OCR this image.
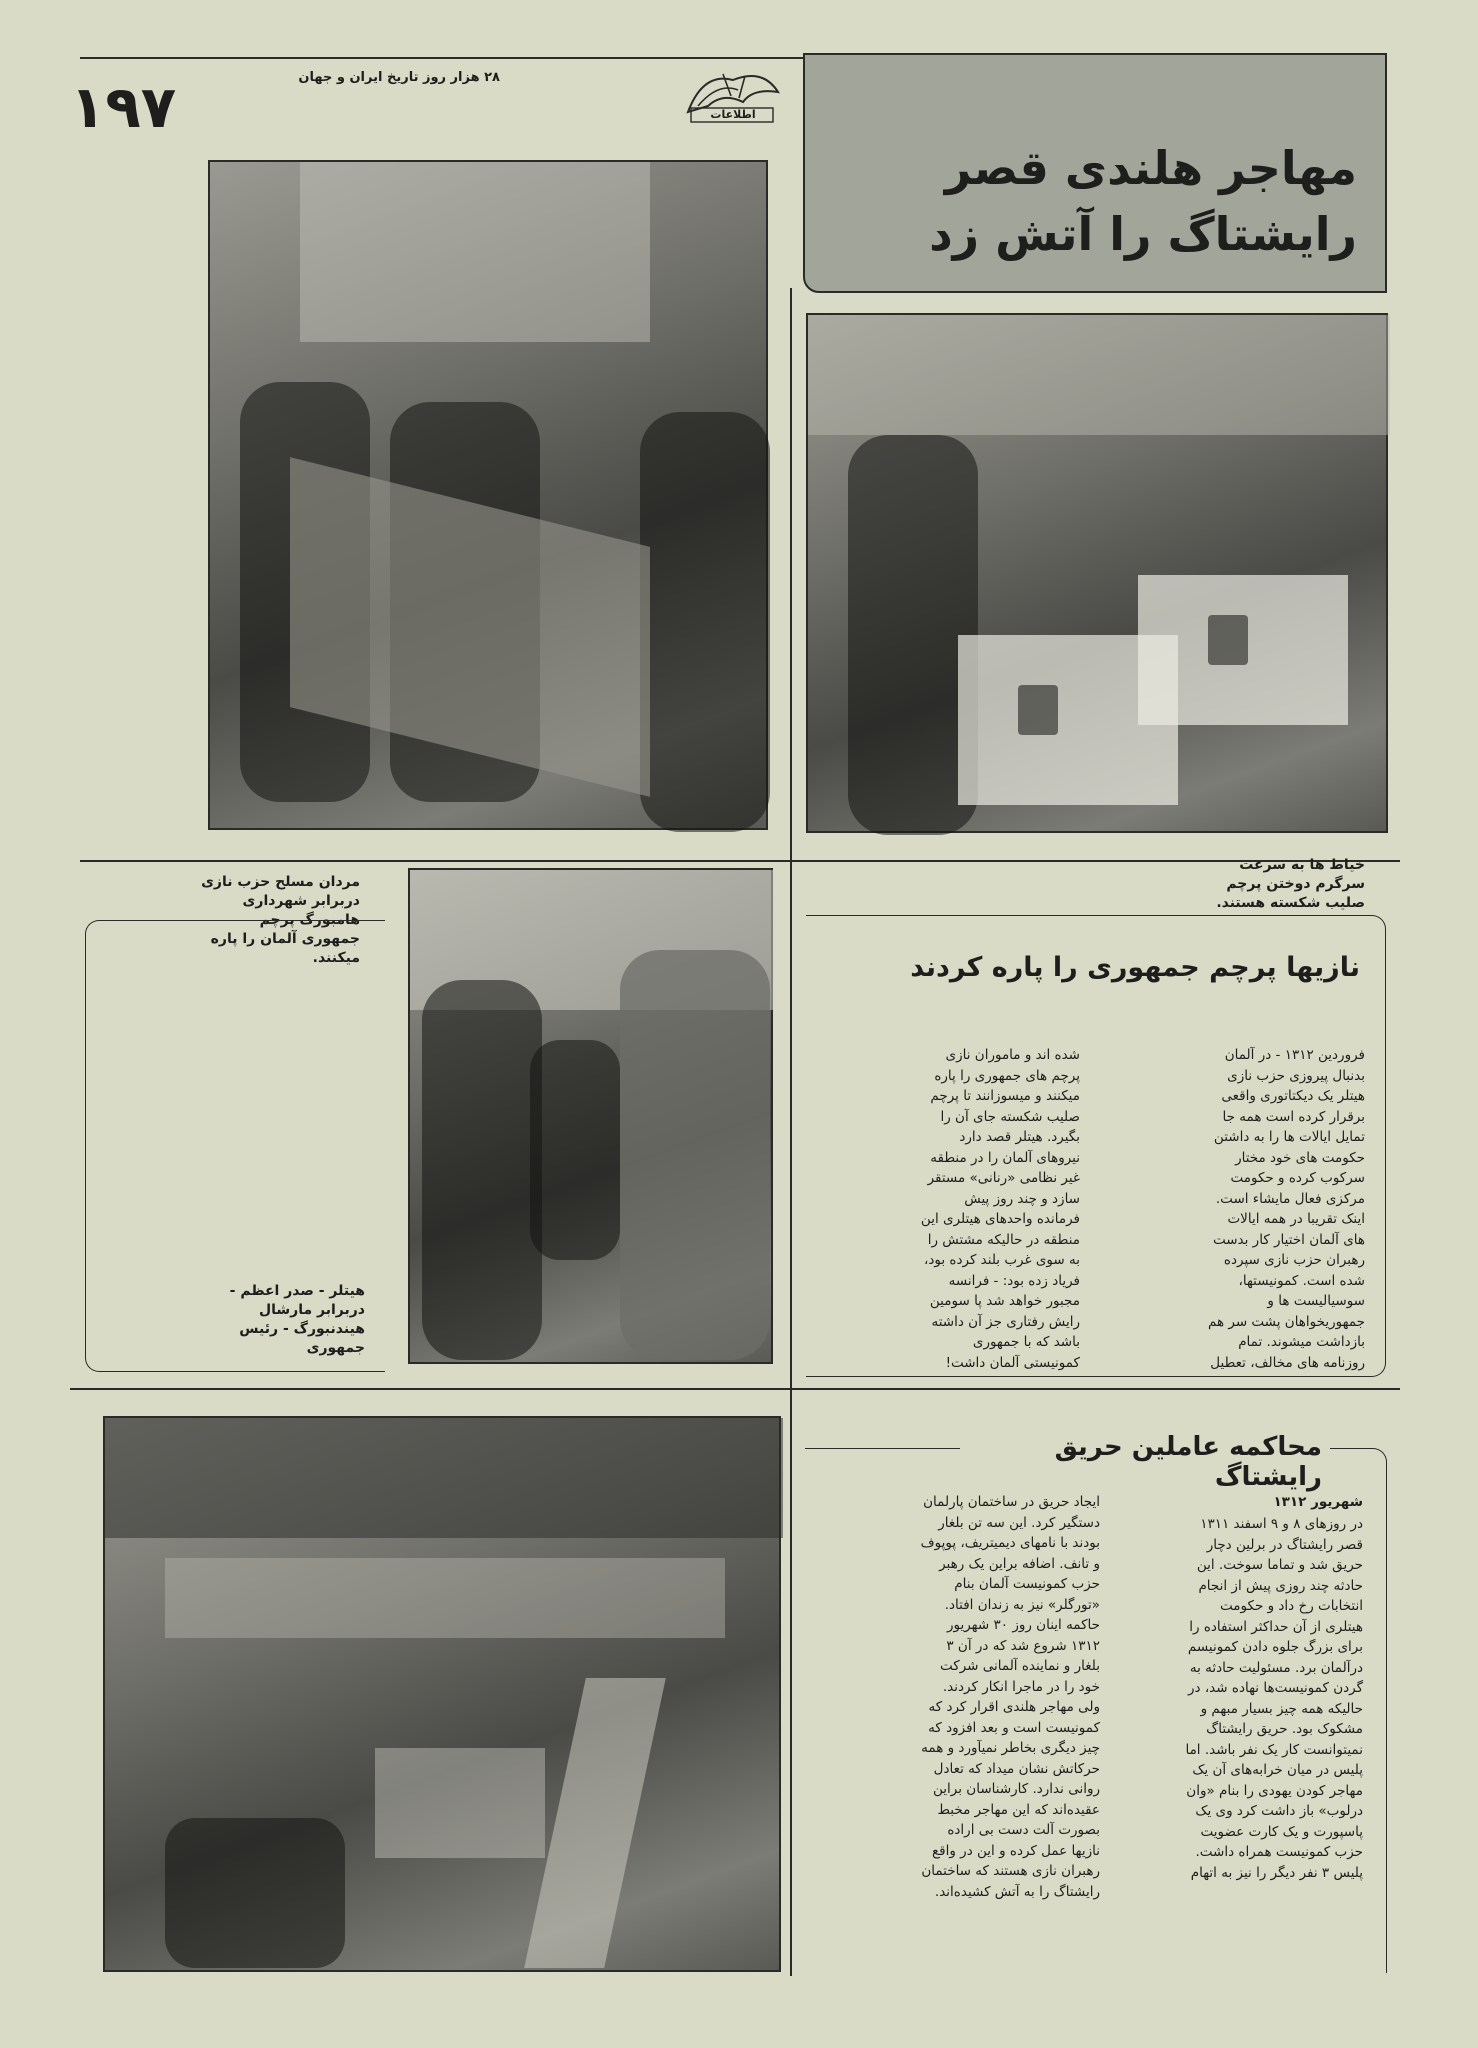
۱۹۷	۲۸ هزار روز تاریخ ایران و جهان
اطلاعات
مهاجر هلندی قصر
رایشتاگ را آتش زد
خیاط ها به سرعت سرگرم دوختن پرچم صلیب شکسته هستند.
مردان مسلح حزب نازی دربرابر شهرداری هامبورگ پرچم جمهوری آلمان را پاره میکنند.
هیتلر - صدر اعظم - دربرابر مارشال هیندنبورگ - رئیس جمهوری
نازیها پرچم جمهوری را پاره کردند
فروردین ۱۳۱۲ - در آلمان بدنبال پیروزی حزب نازی هیتلر یک دیکتاتوری واقعی برقرار کرده است همه جا تمایل ایالات ها را به داشتن حکومت های خود مختار سرکوب کرده و حکومت مرکزی فعال مایشاء است. اینک تقریبا در همه ایالات های آلمان اختیار کار بدست رهبران حزب نازی سپرده شده است. کمونیستها، سوسیالیست ها و جمهوریخواهان پشت سر هم بازداشت میشوند. تمام روزنامه های مخالف، تعطیل
شده اند و ماموران نازی پرچم های جمهوری را پاره میکنند و میسوزانند تا پرچم صلیب شکسته جای آن را بگیرد. هیتلر قصد دارد نیروهای آلمان را در منطقه غیر نظامی «رنانی» مستقر سازد و چند روز پیش فرمانده واحدهای هیتلری این منطقه در حالیکه مشتش را به سوی غرب بلند کرده بود، فریاد زده بود: - فرانسه مجبور خواهد شد پا سومین رایش رفتاری جز آن داشته باشد که با جمهوری کمونیستی آلمان داشت!
محاکمه عاملین حریق رایشتاگ
شهریور ۱۳۱۲
در روزهای ۸ و ۹ اسفند ۱۳۱۱ قصر رایشتاگ در برلین دچار حریق شد و تماما سوخت. این حادثه چند روزی پیش از انجام انتخابات رخ داد و حکومت هیتلری از آن حداکثر استفاده را برای بزرگ جلوه دادن کمونیسم درآلمان برد. مسئولیت حادثه به گردن کمونیست‌ها نهاده شد، در حالیکه همه چیز بسیار مبهم و مشکوک بود. حریق رایشتاگ نمیتوانست کار یک نفر باشد. اما پلیس در میان خرابه‌های آن یک مهاجر کودن یهودی را بنام «وان درلوب» باز داشت کرد وی یک پاسپورت و یک کارت عضویت حزب کمونیست همراه داشت. پلیس ۳ نفر دیگر را نیز به اتهام
ایجاد حریق در ساختمان پارلمان دستگیر کرد. این سه تن بلغار بودند با نامهای دیمیتریف، پوپوف و تانف. اضافه براین یک رهبر حزب کمونیست آلمان بنام «تورگلر» نیز به زندان افتاد. حاکمه اینان روز ۳۰ شهریور ۱۳۱۲ شروع شد که در آن ۳ بلغار و نماینده آلمانی شرکت خود را در ماجرا انکار کردند. ولی مهاجر هلندی اقرار کرد که کمونیست است و بعد افزود که چیز دیگری بخاطر نمیآورد و همه حرکاتش نشان میداد که تعادل روانی ندارد. کارشناسان براین عقیده‌اند که این مهاجر مخبط بصورت آلت دست بی اراده نازیها عمل کرده و این در واقع رهبران نازی هستند که ساختمان رایشتاگ را به آتش کشیده‌اند.
